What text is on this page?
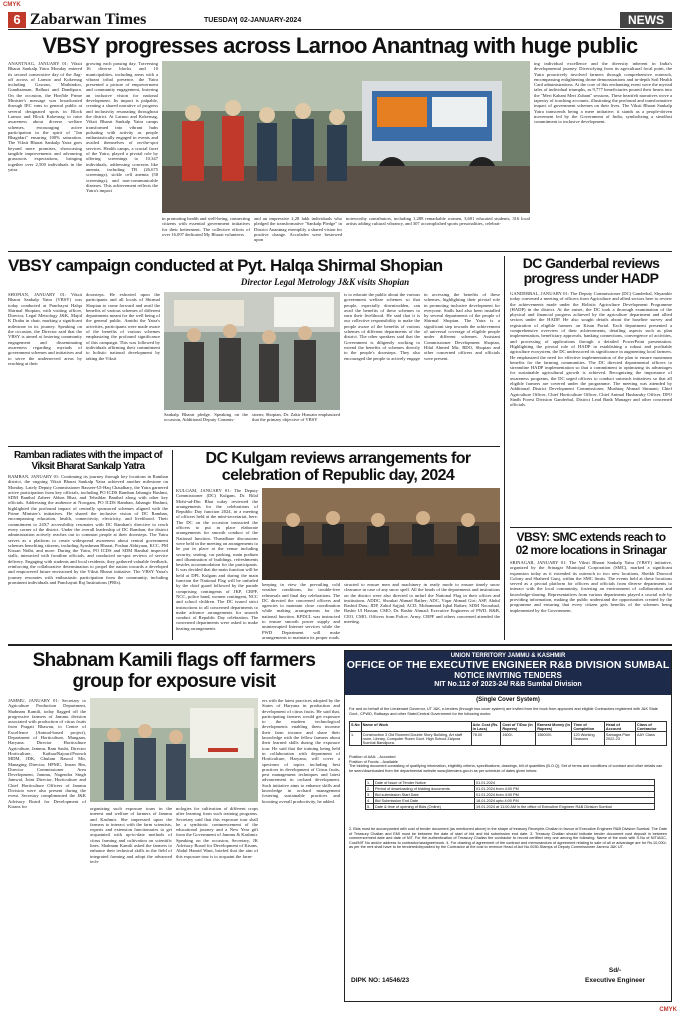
CMYK
CMYK
6 Zabarwan Times	TUESDAY 02-JANUARY-2024	NEWS
VBSY progresses across Larnoo Anantnag with huge public
ANANTNAG, JANUARY 01: Viksit Bharat Sankalp Yatra Monday entered its second consecutive day of the flag-off across of Larnoo and Kokernag including Gawran, Mathindoo, Gundizaman, Balhuri and Dandipora. On the occasion, the Hon'ble Prime Minister's message was broadcasted through IEC vans to general public at several designated spots in Block Larnoo and Block Kokernag to raise awareness about diverse welfare schemes, encouraging active participation in the spirit of "Jan Bhagidari" ensuring 100% saturation. The Viksit Bharat Sankalp Yatra goes beyond mere promises, showcasing tangible improvements and advancing grassroots expectations, bringing together over 2,500 individuals in the yatra.
growing each passing day. Traversing 16 diverse blocks and 10 municipalities, including areas with a vibrant tribal presence, the Yatra presented a picture of empowerment and community engagement, fostering an inclusive vision for national development. Its impact is palpable, creating a shared narrative of progress and inclusivity resonating throughout the district. At Larnoo and Kokernag, Viksit Bharat Sankalp Yatra camps transformed into vibrant hubs pulsating with activity as people enthusiastically engaged in events and availed themselves of on-the-spot services. Health camps, a crucial facet of the Yatra, played a pivotal role by offering screenings to 10,347 individuals, addressing concerns like anemia, including TB (26,675 screenings), sickle cell anemia (58 screenings), and non-communicable diseases. This achievement reflects the Yatra's impact
in promoting health and well-being, connecting citizens with essential government initiatives for their betterment. The collective efforts of over 16,097 dedicated My Bharat volunteers
and an impressive 2,28 lakh individuals who pledged the transformative "Sankalp Pledge" in District Anantnag exemplify a shared vision for positive change. Accolades were bestowed upon
noteworthy contributors, including 1,288 remarkable women, 3,601 educated students, 316 local artists adding cultural vibrancy, and 307 accomplished sports personalities, celebrat-
ing individual excellence and the diversity inherent in India's developmental journey. Diversifying from its agricultural focal point, the Yatra proactively involved farmers through comprehensive outreach, encompassing enlightening drone demonstrations and in-depth Soil Health Card administrations. At the core of this enchanting event were the myriad tales of individual triumphs, as 9,777 beneficiaries poured their hearts into the "Meri Kahani Meri Zubani" sessions. These heartfelt narratives wove a tapestry of touching accounts, illustrating the profound and transformative impact of government schemes on their lives. The Viksit Bharat Sankalp Yatra transcends being a mere initiative; it stands as a people-driven movement led by the Government of India, symbolizing a steadfast commitment to inclusive development.
VBSY campaign conducted at Pyt. Halqa Shirmal Shopian
Director Legal Metrology J&K visits Shopian
SHOPIAN, JANUARY 01: Viksit Bharat Sankalp Yatra (VBSY) was today conducted at Panchayat Halqa Shirmal Shopian, with visiting officer, Director, Legal Metrology J&K, Majid K Drabu in chair, marking a significant milestone in its journey. Speaking on the occasion, the Director said that the VBSY is aimed at fostering community engagement and disseminating awareness regarding myriads of government schemes and initiatives and to serve the underserved areas by reaching at their
doorsteps. He exhorted upon the participants and all locals of Shirmal Shopian to come forward and avail the benefits of various schemes of different departments meant for the well being of the general public. Amidst the Yatra's activities, participants were made aware of the benefits of various schemes emphasizing the profound significance of this campaign. This was followed by individuals affirming their commitment to holistic national development by taking the Viksit
Sankalp Bharat pledge. Speaking on the occasion, Additional Deputy Commis-
sioner, Shopian, Dr. Zakir Hussain emphasized that the primary objective of VBSY
is to educate the public about the various government welfare schemes so that people, especially downtrodden, can avail the benefits of these schemes to earn their livelihood. He said that it is our collective responsibility to make the people aware of the benefits of various schemes of different departments of the district. The other speakers said that the Government is diligently working to extend the benefits of schemes directly to the people's doorsteps. They also encouraged the people to actively engage
in accessing the benefits of these schemes, highlighting their pivotal role in promoting inclusive development for everyone. Stalls had also been installed by several departments of the people of Shirmal Shopian. The Yatra is a significant step towards the achievement of universal coverage of eligible people under different schemes. Assistant Commissioner Development Shopian, Hilal Ahmed Mir, BDO, Shopian and other concerned officers and officials were present.
DC Ganderbal reviews progress under HADP
GANDERBAL, JANUARY 01: The Deputy Commissioner (DC) Ganderbal, Shyambir today convened a meeting of officers from Agriculture and allied sectors here to review the achievements made under the Holistic Agriculture Development Programme (HADP) in the district. At the outset, the DC took a thorough examination of the physical and financial progress achieved by the agriculture department and allied sectors under the HADP. He also sought details about the baseline survey and registration of eligible farmers on Kisan Portal. Each department presented a comprehensive overview of their achievements, detailing aspects such as plan implementation, beneficiary approvals, banking connections, convergence of activities, and processing of applications through a detailed PowerPoint presentation. Highlighting the pivotal role of HADP in establishing a robust and profitable agriculture ecosystem, the DC underscored its significance in augmenting local farmers. He emphasized the need for effective implementation of the plan to ensure maximum benefits for the farming communities. The DC directed departmental officers to streamline HADP implementation so that a commitment to optimizing its advantages for sustainable agricultural growth is achieved. Recognizing the importance of awareness programs, the DC urged officers to conduct outreach initiatives so that all eligible farmers are covered under the programme. The meeting was attended by Additional District Development Commissioner, Mushtaq Ahmad Simnani; Chief Agriculture Officer, Chief Horticulture Officer, Chief Animal Husbandry Officer, DPO Sindh Forest Division Ganderbal, District Lead Bank Manager and other concerned officials.
VBSY: SMC extends reach to 02 more locations in Srinagar
SRINAGAR, JANUARY 01: The Viksit Bharat Sankalp Yatra (VBSY) initiative, organized by the Srinagar Municipal Corporation (SMC), marked a significant expansion today as it extended its outreach to two new locations, Sheikh Dawood Colony and Shaheed Gunj, within the SMC limits. The events held at these locations served as a pivotal platform for officers and officials from diverse departments to interact with the local community, fostering an environment of collaboration and knowledge-sharing. Representatives from various departments played a crucial role by providing information, making the public understand the opportunities created by the programme and ensuring that every citizen gets benefits of the schemes being implemented by the Government.
Ramban radiates with the impact of Viksit Bharat Sankalp Yatra
RAMBAN, JANUARY 01: Continuing its journey through key locations in Ramban district, the ongoing Viksit Bharat Sankalp Yatra achieved another milestone on Monday. Lately Deputy Commissioner Basseer-Ul-Haq Chaudhary, the Yatra garnered active participation from key officials, including PO ICDS Ramban Jahangir Hashmi, SDM Banihal Zaheer Abbas Bhat, and Tehsildar Banihal along with other key officials. Addressing the audience at Nowgam, PO ICDS Ramban, Jahangir Hashmi, highlighted the profound impact of centrally sponsored schemes aligned with the Prime Minister's initiatives. He shared the inclusive vision of DC Ramban, encompassing education, health, connectivity, electricity, and livelihood. Their commitment to 24X7 accessibility resonates with DC Ramban's directive to reach every corner of the district. Under the overall leadership of DC Ramban, the district administration actively reaches out to common people at their doorsteps. The Yatra serves as a platform to create widespread awareness about central government schemes benefiting citizens, including Ayushman Bharat, Poshan Abhiyaan, KCC, PM Kissan Nidhi, and more. During the Yatra, PO ICDS and SDM Banihal inspected stalls, interacted with frontline officials, and conducted on-spot reviews of service delivery. Engaging with students and local residents, they gathered valuable feedback, reinforcing the collaborative determination to propel the nation towards a developed and empowered future envisioned by the Viksit Bharat initiative. The VBSY Yatra's journey resonates with enthusiastic participation from the community, including prominent individuals and Panchayati Raj Institutions (PRIs).
DC Kulgam reviews arrangements for celebration of Republic day, 2024
KULGAM, JANUARY 01: The Deputy Commissioner (DC) Kulgam, Dr. Bilal Mohi-ud-Din Bhat today reviewed the arrangements for the celebrations of Republic Day function 2024, in a meeting of officers held at the mini-secretariat, here. The DC on the occasion instructed the officers to put in place elaborate arrangements for smooth conduct of the National function. Threadbare discussions were held in the meeting on arrangements to be put in place at the venue including security, seating, car parking, main podium and illumination of buildings, refreshments besides accommodation for the participants. It was decided that the main function will be held at DPL Kulgam and during the main function the National Flag will be unfurled by the chief guard followed by the parade comprising contingents of JKP, CRPF, NCC, police band, women contingent, NCC and school children. The DC issued strict instructions to all concerned departments to make advance arrangements for smooth conduct of Republic Day celebration. The concerned departments were asked to make heating arrangements
keeping in view the prevailing cold weather conditions, for trouble-free rehearsals and final day celebrations. The DC directed the concerned officers and agencies to maintain close coordination while making arrangements for the national function. KPDCL was instructed to ensure smooth power supply and uninterrupted Internet services while the PWD Department will make arrangements to maintain its proper roads.
structed to ensure men and machinery in ready mode to ensure timely snow clearance in case of any snow spell. All the heads of the departments and institutions on the district were also directed to unfurl the National Flag in their offices and institutions. ADDC, Shoukat Ahmad Rather; ADC, Viqar Ahmad Giri; ASP, Abdul Rashid Dass; JDP, Zahid Sajjad; ACD, Mohammad Iqbal Rather; SDM Noorabad, Bashir Ul Hassan; CMO, Dr. Bashir Ahmad; Executive Engineers of PWD, R&B, CEO, CMO, Officers from Police, Army, CRPF and others concerned attended the meeting.
Shabnam Kamili flags off farmers group for exposure visit
JAMMU, JANUARY 01: Secretary to Agriculture Production Department, Shabnam Kamili, today flagged off the progressive farmers of Jammu division associated with production of citrus fruits from Pragati Bhawan, to Centre of Excellence (Animal-based project), Department of Horticulture, Mangaan, Haryana. Director Horticulture Agriculture, Jammu, Ram Sauhi, Director Horticulture, Kathua/Rajouri/Poonch MDM, JDK, Ghulam Rasool Mir, Managing Director, HPMC, Imran Bin, Director Commissioner Area Development, Jammu, Nagendra Singh Jamwal, Joint Director, Horticulture and Chief Horticulture Officers of Jammu Division were also present during the event. Secretary complimented the J&K Advisory Board for Development of Kisans for	organizing such exposure tours in the interest and welfare of farmers of Jammu and Kashmir. She impressed upon the farmers to interact with the farm scientists, experts and extension functionaries to get acquainted with up-to-date methods of citrus farming and cultivation on scientific lines. Shabnam Kamili asked the farmers to enhance their technical skills in the field of integrated farming and adopt the advanced tech-
nologies for cultivation of different crops after learning from such training programs. Secretary said that this exposure tour shall be a symbiotic commencement of the educational journey and a New Year gift from the Government of Jammu & Kashmir. Speaking on the occasion, Secretary, JK Advisory Board for Development of Kisans, Abdul Hamid Wani, briefed that the aim of this exposure tour is to acquaint the farm-
ers with the latest practices adopted by the States of Haryana in production and development of citrus fruits. He said that, participating farmers would get exposure to the modern technological developments enabling them increase their farm income and share their knowledge with the fellow farmers about their learned skills during the exposure tour. He said that the training being held in collaboration with department of Horticulture, Haryana, will cover a spectrum of topics including best practices in development of Citrus fruits, pest management techniques and latest advancement in orchard development. Such initiative aims to enhance skills and knowledge in orchard management fostering sustainable practices and boosting overall productivity, he added.
UNION TERRITORY JAMMU & KASHMIR
OFFICE OF THE EXECUTIVE ENGINEER R&B DIVISION SUMBAL
NOTICE INVITING TENDERS
NIT No.112 of 2023-24/ R&B Sumbal Division
(Single Cover System)
For and on behalf of the Lieutenant Governor, UT J&K, e-tenders (through two cover system) are invited from the book from approved and eligible Contractors registered with J&K State Govt., CPWD, Railways and other State/Central Government for the following works:
S.No	Name of Work	Adv. Cost (Rs. In Lacs)	Cost of T/Doc (In Rupees)	Earnest Money (In Rupees)	Time of Completion	Head of Account	Class of Contractor
1.	Construction 3 Old Roomed Double Story Building, Art staff room, Library, Computer Room Govt. High School Zalpora Sumbal Bandipora.	78.00	1600/-	156000/-	120 Working Seasons	Samagra Plan 2022-23	AAY Class
Position of AAA: - Accorded
Position of Funds: - Available
The bidding document consisting of qualifying information, eligibility criteria, specifications, drawings, bill of quantities (B.O.Q), Set of terms and conditions of contract and other details can be seen/downloaded from the departmental website www.jktenders.gov.in as per schedule of dates given below:
1.	Date of Issue of Tender Notice	01.01.2024
2.	Period of downloading of bidding documents	01.01.2024 from 4:00 PM
3.	Bid submission Start Date	01.01.2024 from 4:00 PM
4.	Bid Submission End Date	18.01.2024 upto 4:00 PM
5.	Date & time of opening of Bids (Online)	19.01.2024 at 11:00 AM in the office of Executive Engineer R&B Division Sumbal
2. Bids must be accompanied with cost of tender document (as mentioned above) in the shape of treasury Receipt/e-Challan in favour of Executive Engineer R&B Division Sumbal. The Date of Treasury Challan and EMI must be between the date of start of bid and bid submission end date. 3. Treasury Challan should indicate tender document cost deposit in between commencement date and date of NIT. For the authentication of Treasury Challan the contractor to record certified very one among the following. Name of the work with S.No of NIT/ADC, Cost/NIT No and/or address to contractor/assignee/work. 4. For drawing of agreement of the contract and memorandum of agreement relating to sale of all or advantage are for Rs.10,000/- as per the rent shall have to be tendered/deposited by the Contractor at the cost to revenue Head of Act No.0030-Stamps of Deputy Commissioner Jammu J&K UT.
DIPK NO: 14546/23
Sd/-
Executive Engineer
